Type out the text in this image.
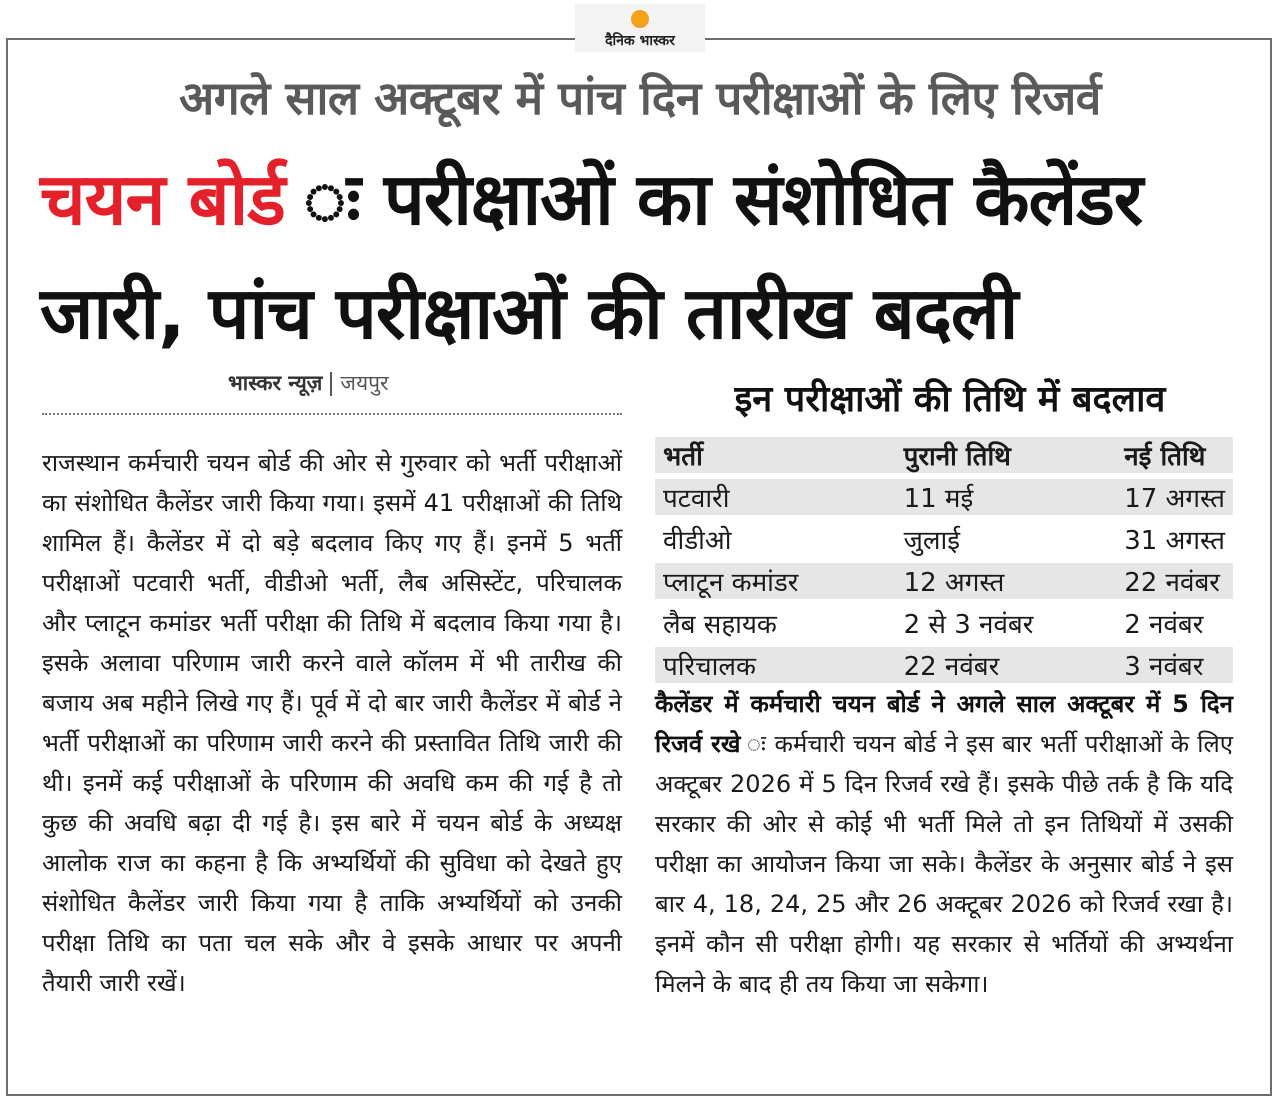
दैनिक भास्कर
अगले साल अक्टूबर में पांच दिन परीक्षाओं के लिए रिजर्व
चयन बोर्ड परीक्षाओं का संशोधित कैलेंडर
जारी, पांच परीक्षाओं की तारीख बदली
भास्कर न्यूज़ जयपुर
राजस्थान कर्मचारी चयन बोर्ड की ओर से गुरुवार को भर्ती परीक्षाओं का संशोधित कैलेंडर जारी किया गया। इसमें 41 परीक्षाओं की तिथि शामिल हैं। कैलेंडर में दो बड़े बदलाव किए गए हैं। इनमें 5 भर्ती परीक्षाओं पटवारी भर्ती, वीडीओ भर्ती, लैब असिस्टेंट, परिचालक और प्लाटून कमांडर भर्ती परीक्षा की तिथि में बदलाव किया गया है। इसके अलावा परिणाम जारी करने वाले कॉलम में भी तारीख की बजाय अब महीने लिखे गए हैं। पूर्व में दो बार जारी कैलेंडर में बोर्ड ने भर्ती परीक्षाओं का परिणाम जारी करने की प्रस्तावित तिथि जारी की थी। इनमें कई परीक्षाओं के परिणाम की अवधि कम की गई है तो कुछ की अवधि बढ़ा दी गई है। इस बारे में चयन बोर्ड के अध्यक्ष आलोक राज का कहना है कि अभ्यर्थियों की सुविधा को देखते हुए संशोधित कैलेंडर जारी किया गया है ताकि अभ्यर्थियों को उनकी परीक्षा तिथि का पता चल सके और वे इसके आधार पर अपनी तैयारी जारी रखें।
इन परीक्षाओं की तिथि में बदलाव
भर्ती	पुरानी तिथि	नई तिथि
पटवारी	11 मई	17 अगस्त
वीडीओ	जुलाई	31 अगस्त
प्लाटून कमांडर	12 अगस्त	22 नवंबर
लैब सहायक	2 से 3 नवंबर	2 नवंबर
परिचालक	22 नवंबर	3 नवंबर
कैलेंडर में कर्मचारी चयन बोर्ड ने अगले साल अक्टूबर में 5 दिन रिजर्व रखे कर्मचारी चयन बोर्ड ने इस बार भर्ती परीक्षाओं के लिए अक्टूबर 2026 में 5 दिन रिजर्व रखे हैं। इसके पीछे तर्क है कि यदि सरकार की ओर से कोई भी भर्ती मिले तो इन तिथियों में उसकी परीक्षा का आयोजन किया जा सके। कैलेंडर के अनुसार बोर्ड ने इस बार 4, 18, 24, 25 और 26 अक्टूबर 2026 को रिजर्व रखा है। इनमें कौन सी परीक्षा होगी। यह सरकार से भर्तियों की अभ्यर्थना मिलने के बाद ही तय किया जा सकेगा।
